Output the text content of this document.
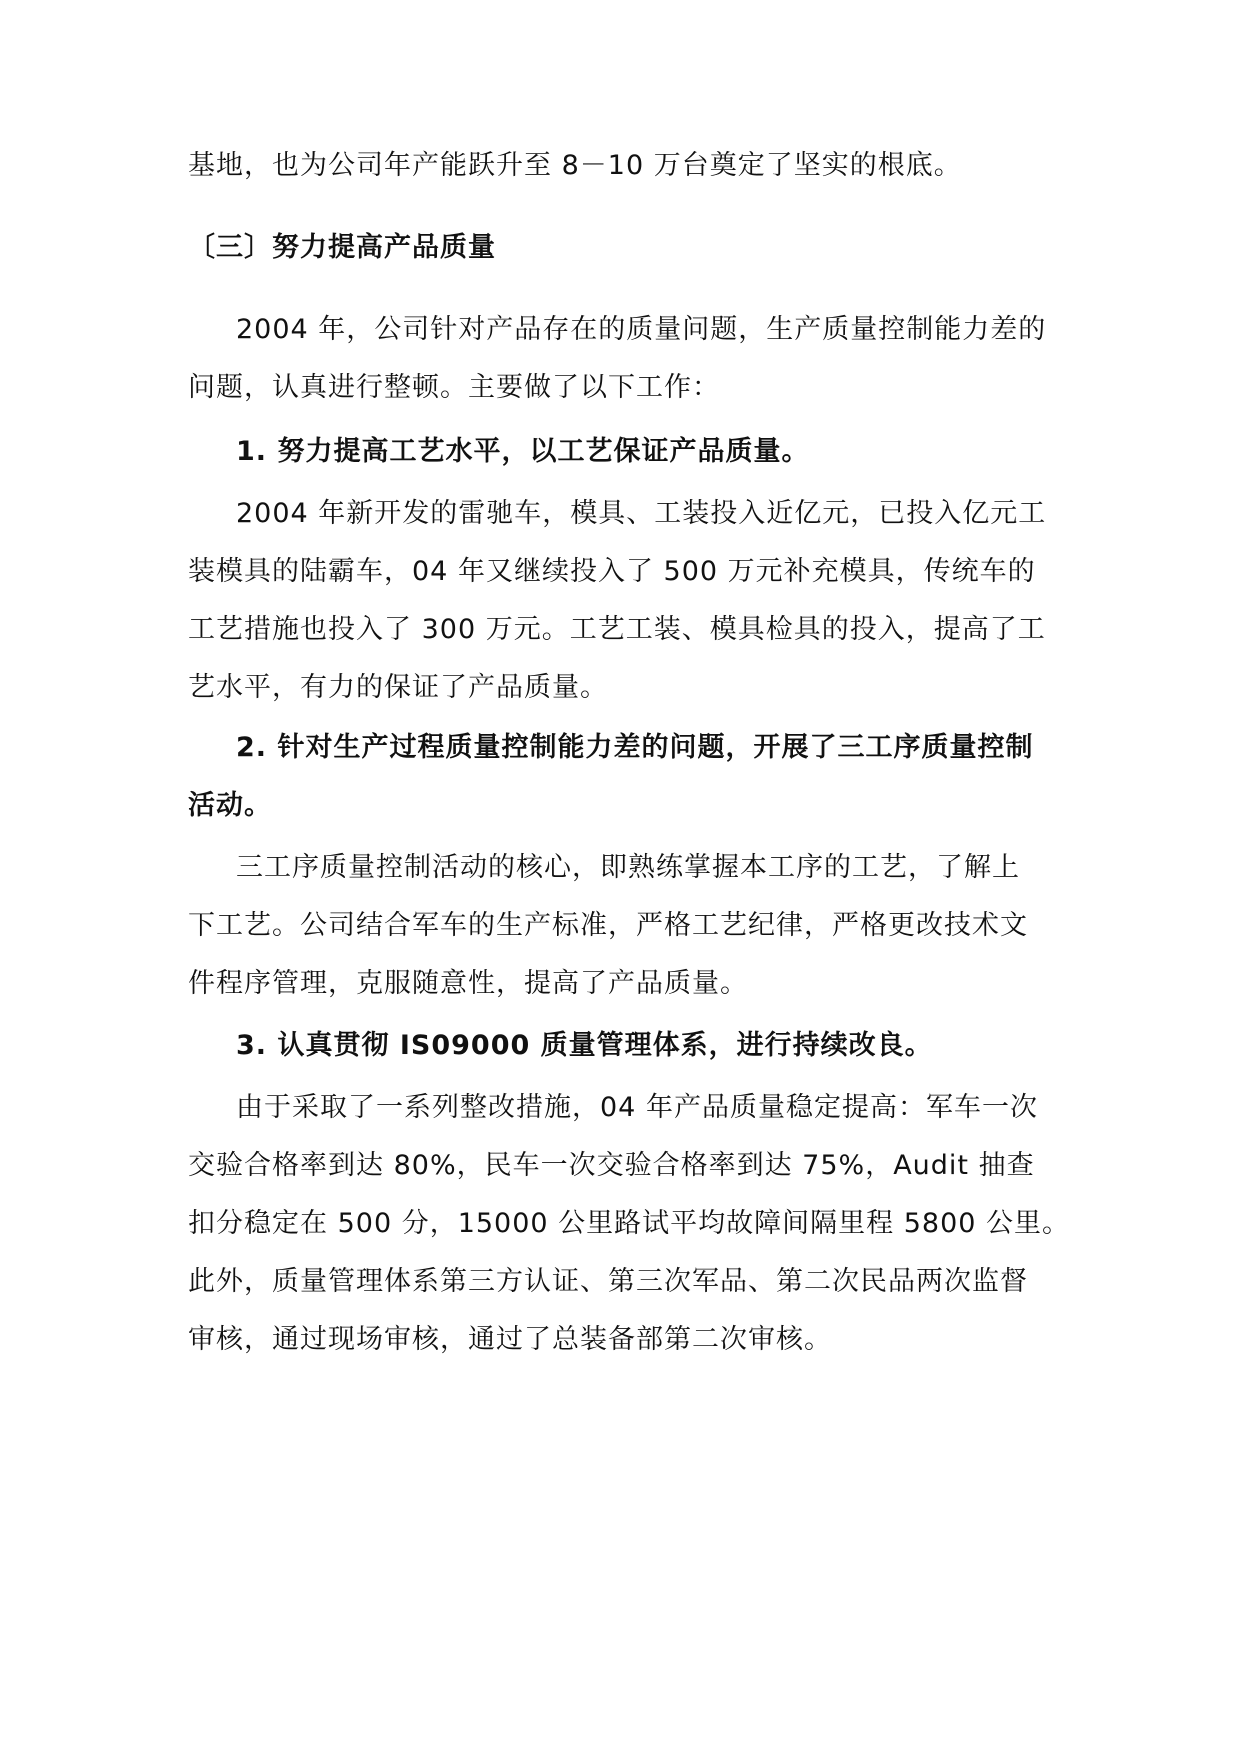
基地，也为公司年产能跃升至 8－10 万台奠定了坚实的根底。
〔三〕努力提高产品质量
2004 年，公司针对产品存在的质量问题，生产质量控制能力差的
问题，认真进行整顿。主要做了以下工作：
1. 努力提高工艺水平，以工艺保证产品质量。
2004 年新开发的雷驰车，模具、工装投入近亿元，已投入亿元工
装模具的陆霸车，04 年又继续投入了 500 万元补充模具，传统车的
工艺措施也投入了 300 万元。工艺工装、模具检具的投入，提高了工
艺水平，有力的保证了产品质量。
2. 针对生产过程质量控制能力差的问题，开展了三工序质量控制
活动。
三工序质量控制活动的核心，即熟练掌握本工序的工艺，了解上
下工艺。公司结合军车的生产标准，严格工艺纪律，严格更改技术文
件程序管理，克服随意性，提高了产品质量。
3. 认真贯彻 IS09000 质量管理体系，进行持续改良。
由于采取了一系列整改措施，04 年产品质量稳定提高：军车一次
交验合格率到达 80%，民车一次交验合格率到达 75%，Audit 抽查
扣分稳定在 500 分，15000 公里路试平均故障间隔里程 5800 公里。
此外，质量管理体系第三方认证、第三次军品、第二次民品两次监督
审核，通过现场审核，通过了总装备部第二次审核。
